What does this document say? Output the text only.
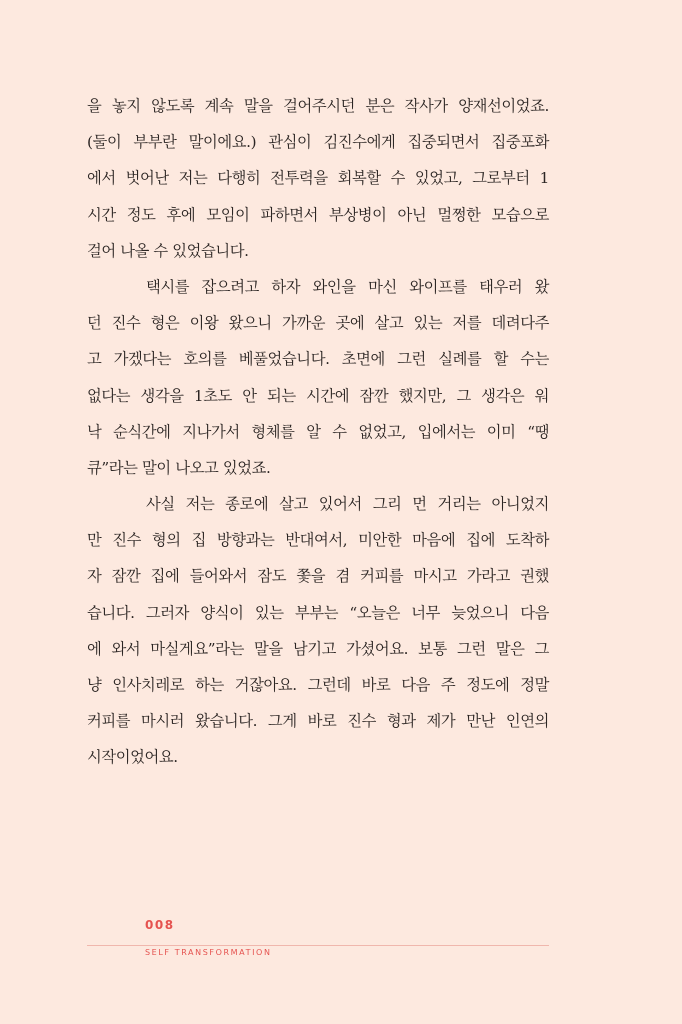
을 놓지 않도록 계속 말을 걸어주시던 분은 작사가 양재선이었죠.
(둘이 부부란 말이에요.) 관심이 김진수에게 집중되면서 집중포화
에서 벗어난 저는 다행히 전투력을 회복할 수 있었고, 그로부터 1
시간 정도 후에 모임이 파하면서 부상병이 아닌 멀쩡한 모습으로
걸어 나올 수 있었습니다.
택시를 잡으려고 하자 와인을 마신 와이프를 태우러 왔
던 진수 형은 이왕 왔으니 가까운 곳에 살고 있는 저를 데려다주
고 가겠다는 호의를 베풀었습니다. 초면에 그런 실례를 할 수는
없다는 생각을 1초도 안 되는 시간에 잠깐 했지만, 그 생각은 워
낙 순식간에 지나가서 형체를 알 수 없었고, 입에서는 이미 “땡
큐”라는 말이 나오고 있었죠.
사실 저는 종로에 살고 있어서 그리 먼 거리는 아니었지
만 진수 형의 집 방향과는 반대여서, 미안한 마음에 집에 도착하
자 잠깐 집에 들어와서 잠도 쫓을 겸 커피를 마시고 가라고 권했
습니다. 그러자 양식이 있는 부부는 “오늘은 너무 늦었으니 다음
에 와서 마실게요”라는 말을 남기고 가셨어요. 보통 그런 말은 그
냥 인사치레로 하는 거잖아요. 그런데 바로 다음 주 정도에 정말
커피를 마시러 왔습니다. 그게 바로 진수 형과 제가 만난 인연의
시작이었어요.
008
SELF TRANSFORMATION
